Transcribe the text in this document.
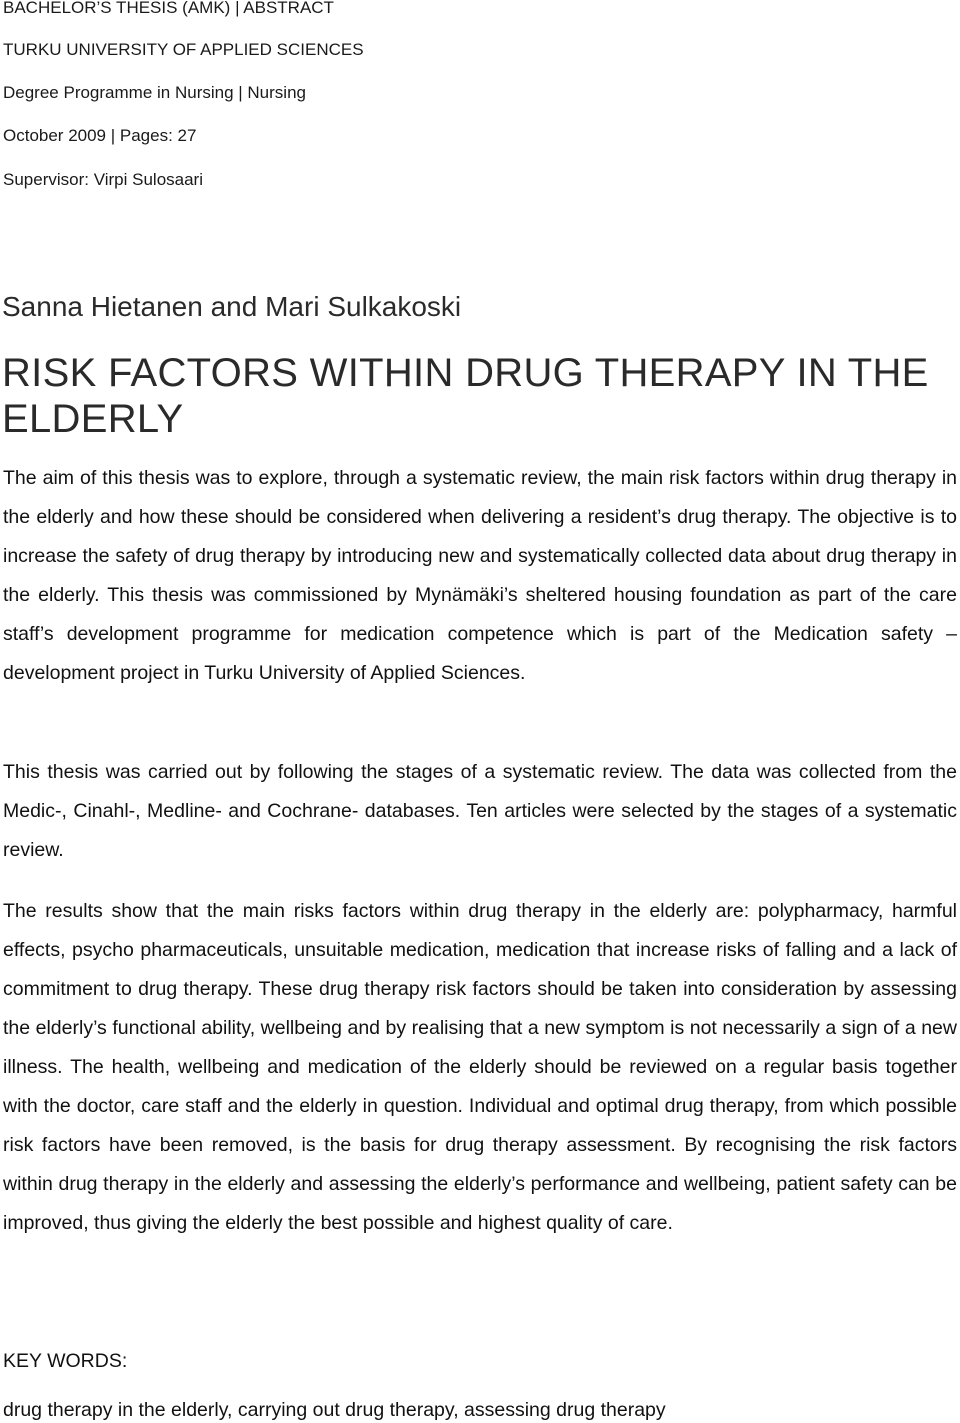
BACHELOR’S THESIS (AMK) | ABSTRACT
TURKU UNIVERSITY OF APPLIED SCIENCES
Degree Programme in Nursing | Nursing
October 2009 | Pages: 27
Supervisor: Virpi Sulosaari
Sanna Hietanen and Mari Sulkakoski
RISK FACTORS WITHIN DRUG THERAPY IN THE ELDERLY

The aim of this thesis was to explore, through a systematic review, the main risk factors within drug therapy in the elderly and how these should be considered when delivering a resident’s drug therapy. The objective is to increase the safety of drug therapy by introducing new and systematically collected data about drug therapy in the elderly. This thesis was commissioned by Mynämäki’s sheltered housing foundation as part of the care staff’s development programme for medication competence which is part of the Medication safety – development project in Turku University of Applied Sciences.

This thesis was carried out by following the stages of a systematic review. The data was collected from the Medic-, Cinahl-, Medline- and Cochrane- databases. Ten articles were selected by the stages of a systematic review.

The results show that the main risks factors within drug therapy in the elderly are: polypharmacy, harmful effects, psycho pharmaceuticals, unsuitable medication, medication that increase risks of falling and a lack of commitment to drug therapy. These drug therapy risk factors should be taken into consideration by assessing the elderly’s functional ability, wellbeing and by realising that a new symptom is not necessarily a sign of a new illness. The health, wellbeing and medication of the elderly should be reviewed on a regular basis together with the doctor, care staff and the elderly in question. Individual and optimal drug therapy, from which possible risk factors have been removed, is the basis for drug therapy assessment. By recognising the risk factors within drug therapy in the elderly and assessing the elderly’s performance and wellbeing, patient safety can be improved, thus giving the elderly the best possible and highest quality of care.

KEY WORDS:
drug therapy in the elderly, carrying out drug therapy, assessing drug therapy
